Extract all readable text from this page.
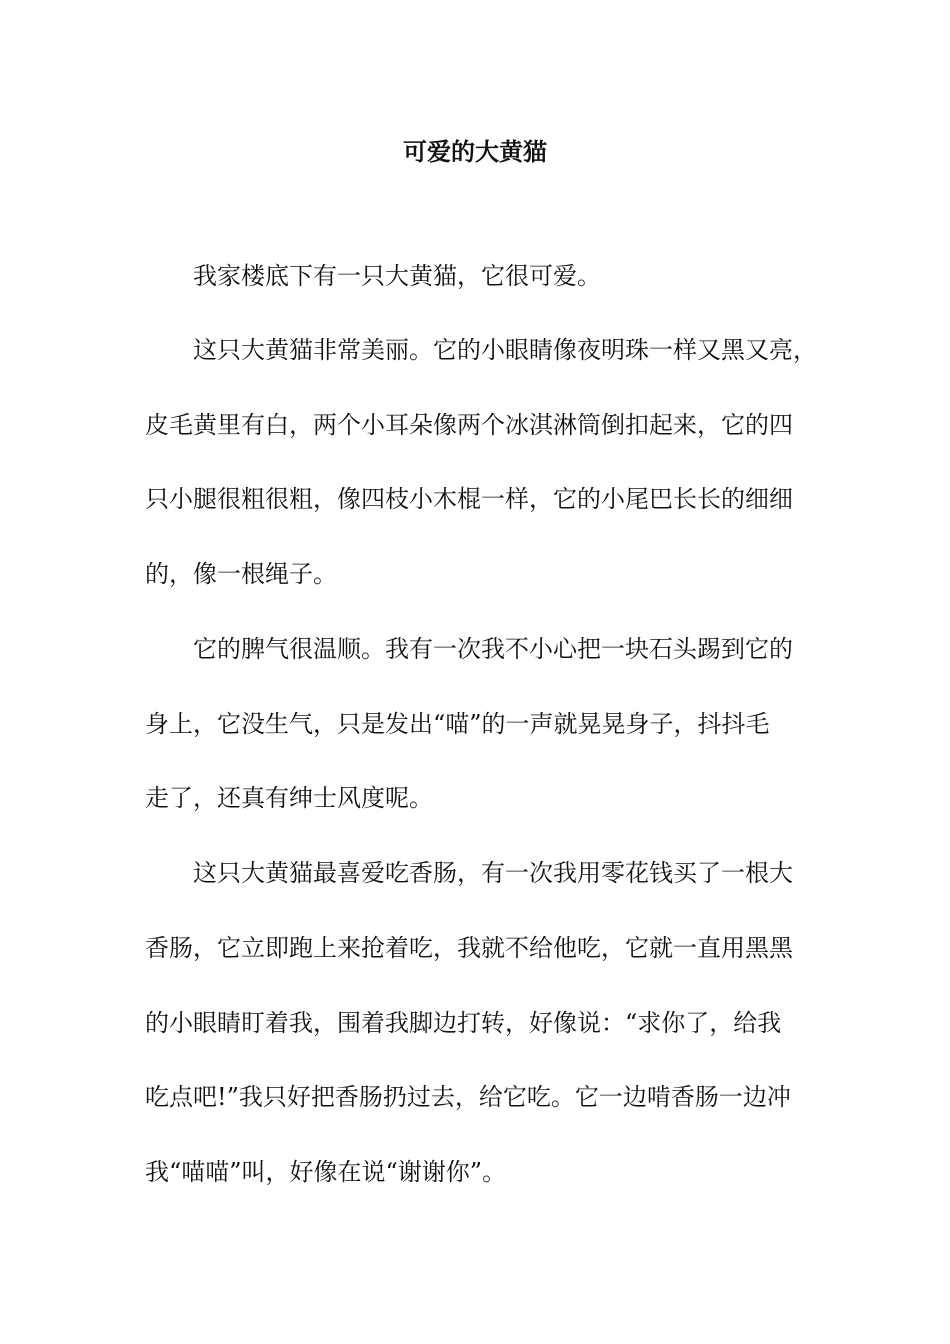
可爱的大黄猫

我家楼底下有一只大黄猫，它很可爱。

这只大黄猫非常美丽。它的小眼睛像夜明珠一样又黑又亮，

皮毛黄里有白，两个小耳朵像两个冰淇淋筒倒扣起来，它的四

只小腿很粗很粗，像四枝小木棍一样，它的小尾巴长长的细细

的，像一根绳子。

它的脾气很温顺。我有一次我不小心把一块石头踢到它的

身上，它没生气，只是发出“喵”的一声就晃晃身子，抖抖毛

走了，还真有绅士风度呢。

这只大黄猫最喜爱吃香肠，有一次我用零花钱买了一根大

香肠，它立即跑上来抢着吃，我就不给他吃，它就一直用黑黑

的小眼睛盯着我，围着我脚边打转，好像说：“求你了，给我

吃点吧!”我只好把香肠扔过去，给它吃。它一边啃香肠一边冲

我“喵喵”叫，好像在说“谢谢你”。
